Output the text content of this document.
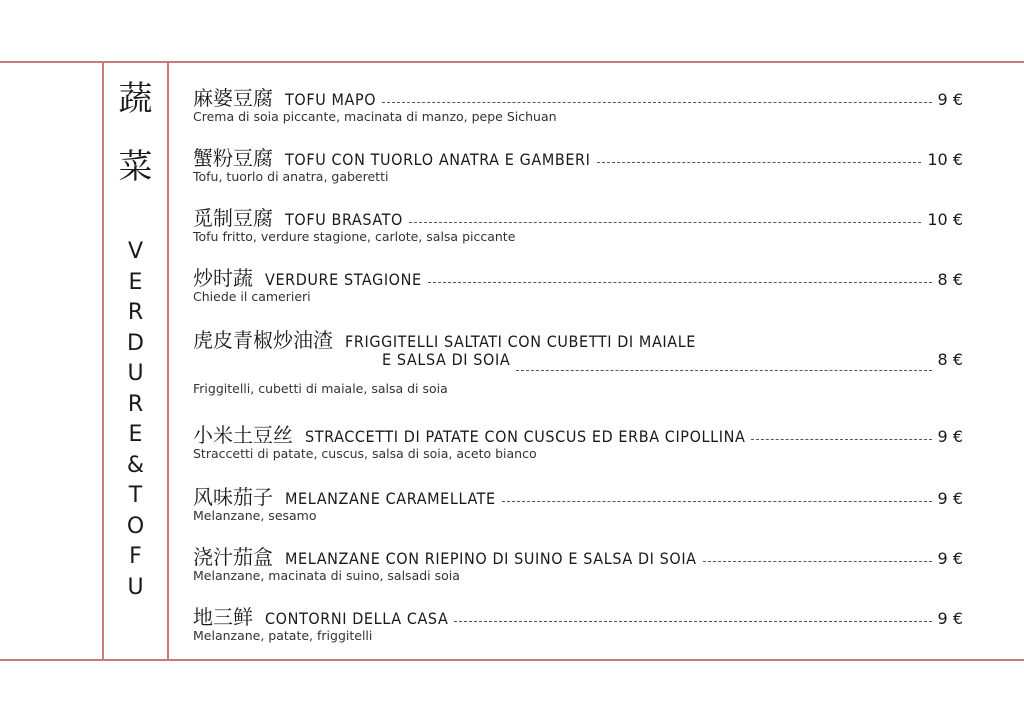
蔬
菜
V
E
R
D
U
R
E
&
T
O
F
U
麻婆豆腐 TOFU MAPO	9 €
Crema di soia piccante, macinata di manzo, pepe Sichuan
蟹粉豆腐 TOFU CON TUORLO ANATRA E GAMBERI	10 €
Tofu, tuorlo di anatra, gaberetti
觅制豆腐 TOFU BRASATO	10 €
Tofu fritto, verdure stagione, carlote, salsa piccante
炒时蔬 VERDURE STAGIONE	8 €
Chiede il camerieri
虎皮青椒炒油渣 FRIGGITELLI SALTATI CON CUBETTI DI MAIALE
E SALSA DI SOIA	8 €
Friggitelli, cubetti di maiale, salsa di soia
小米土豆丝 STRACCETTI DI PATATE CON CUSCUS ED ERBA CIPOLLINA	9 €
Straccetti di patate, cuscus, salsa di soia, aceto bianco
风味茄子 MELANZANE CARAMELLATE	9 €
Melanzane, sesamo
浇汁茄盒 MELANZANE CON RIEPINO DI SUINO E SALSA DI SOIA	9 €
Melanzane, macinata di suino, salsadi soia
地三鲜 CONTORNI DELLA CASA	9 €
Melanzane, patate, friggitelli
